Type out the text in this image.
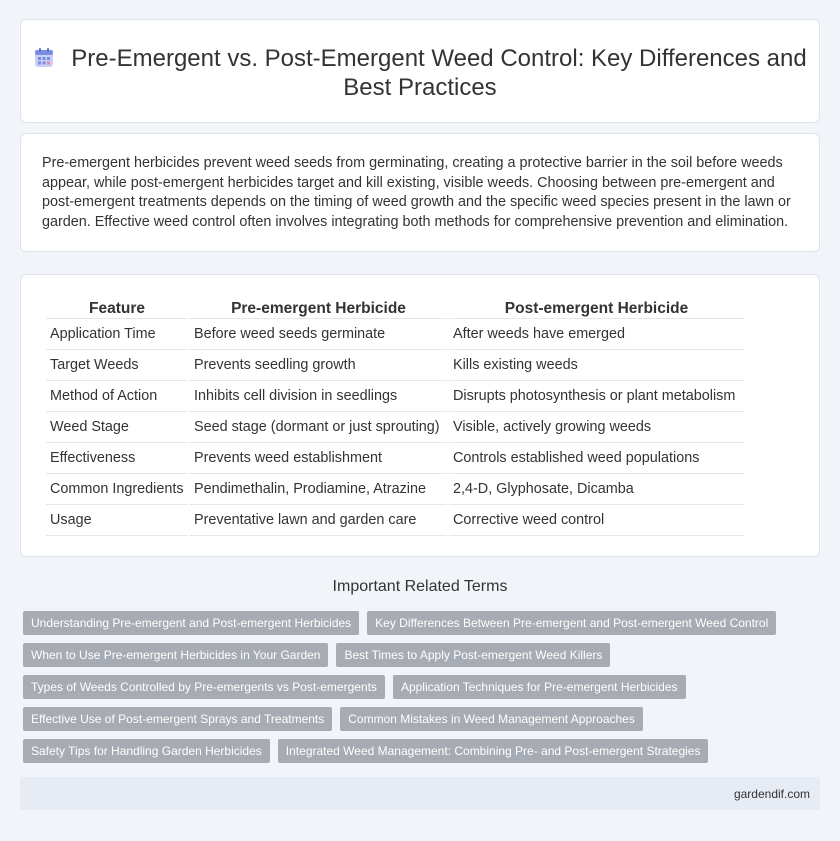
Pre-Emergent vs. Post-Emergent Weed Control: Key Differences and Best Practices

Pre-emergent herbicides prevent weed seeds from germinating, creating a protective barrier in the soil before weeds appear, while post-emergent herbicides target and kill existing, visible weeds. Choosing between pre-emergent and post-emergent treatments depends on the timing of weed growth and the specific weed species present in the lawn or garden. Effective weed control often involves integrating both methods for comprehensive prevention and elimination.

Feature	Pre-emergent Herbicide	Post-emergent Herbicide
Application Time	Before weed seeds germinate	After weeds have emerged
Target Weeds	Prevents seedling growth	Kills existing weeds
Method of Action	Inhibits cell division in seedlings	Disrupts photosynthesis or plant metabolism
Weed Stage	Seed stage (dormant or just sprouting)	Visible, actively growing weeds
Effectiveness	Prevents weed establishment	Controls established weed populations
Common Ingredients	Pendimethalin, Prodiamine, Atrazine	2,4-D, Glyphosate, Dicamba
Usage	Preventative lawn and garden care	Corrective weed control
Important Related Terms
Understanding Pre-emergent and Post-emergent Herbicides	Key Differences Between Pre-emergent and Post-emergent Weed Control
When to Use Pre-emergent Herbicides in Your Garden	Best Times to Apply Post-emergent Weed Killers
Types of Weeds Controlled by Pre-emergents vs Post-emergents	Application Techniques for Pre-emergent Herbicides
Effective Use of Post-emergent Sprays and Treatments	Common Mistakes in Weed Management Approaches
Safety Tips for Handling Garden Herbicides	Integrated Weed Management: Combining Pre- and Post-emergent Strategies
gardendif.com
